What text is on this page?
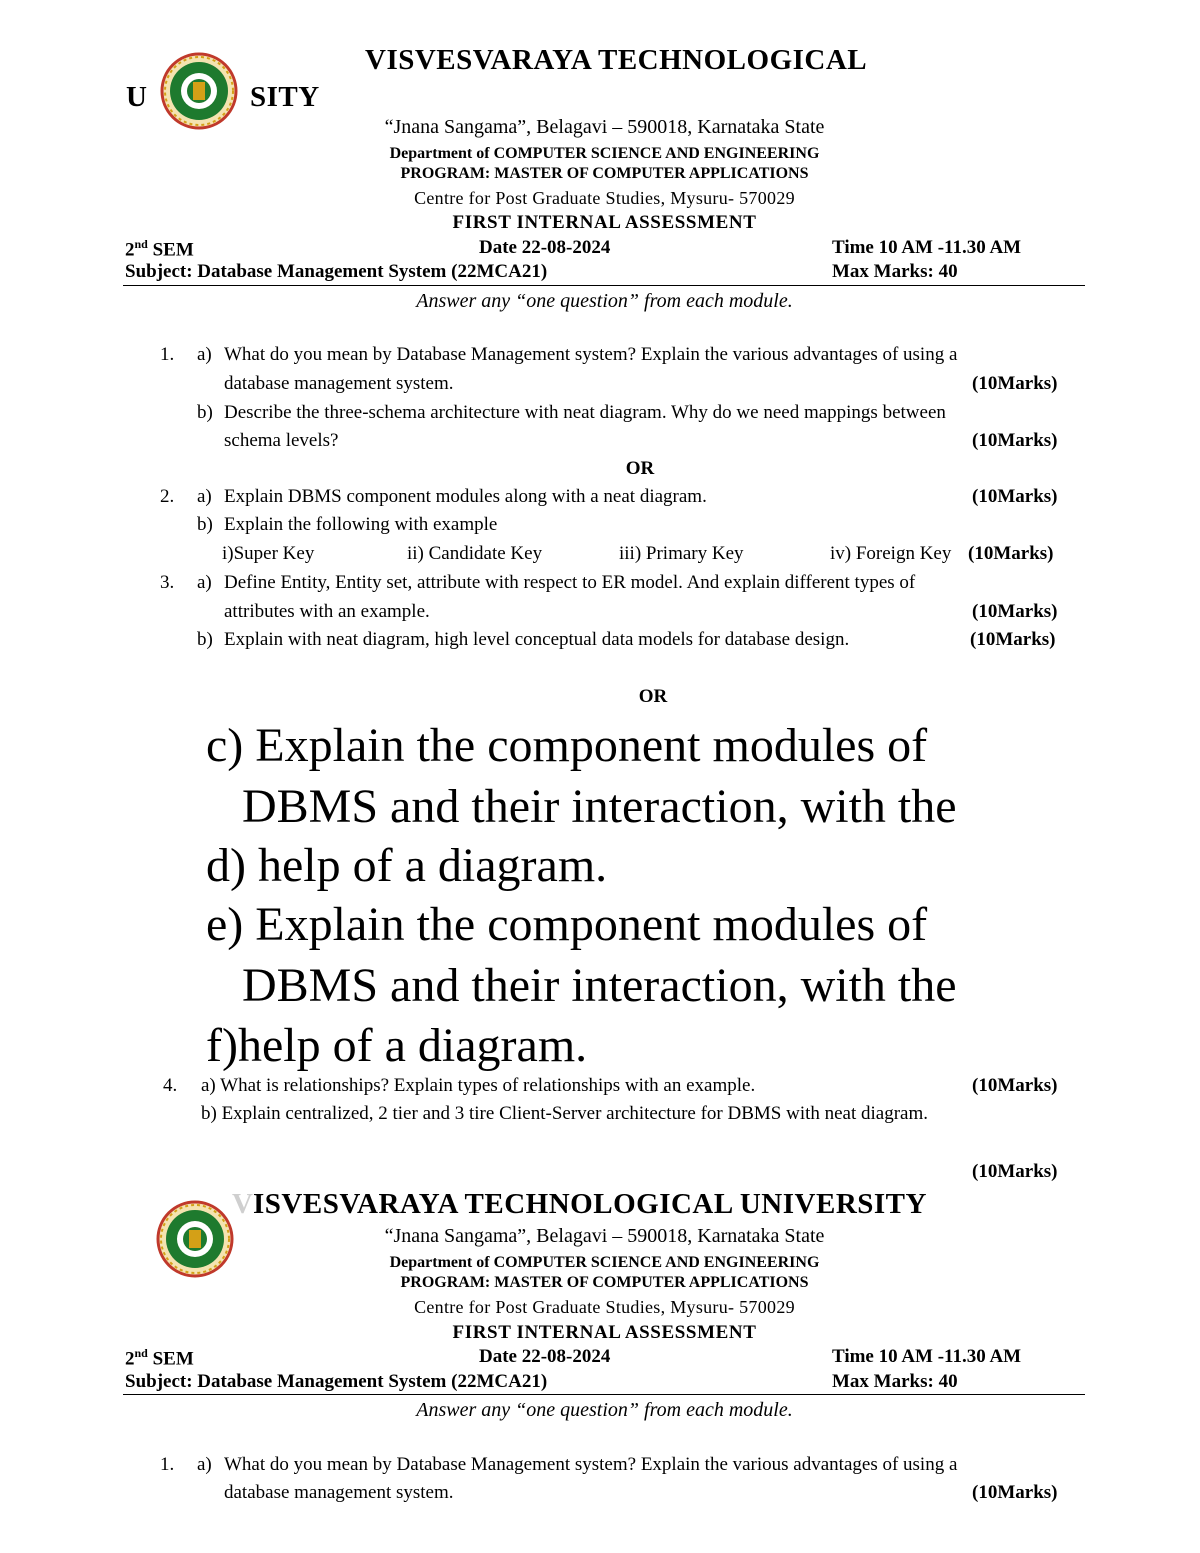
VISVESVARAYA TECHNOLOGICAL
U	SITY
“Jnana Sangama”, Belagavi – 590018, Karnataka State
Department of COMPUTER SCIENCE AND ENGINEERING
PROGRAM: MASTER OF COMPUTER APPLICATIONS
Centre for Post Graduate Studies, Mysuru- 570029
FIRST INTERNAL ASSESSMENT
2nd SEM	Date 22-08-2024	Time 10 AM -11.30 AM
Subject: Database Management System (22MCA21)	Max Marks: 40
Answer any “one question” from each module.
1. a) What do you mean by Database Management system? Explain the various advantages of using a
database management system.	(10Marks)
b) Describe the three-schema architecture with neat diagram. Why do we need mappings between
schema levels?	(10Marks)
OR
2. a) Explain DBMS component modules along with a neat diagram.	(10Marks)
b) Explain the following with example
i)Super Key	ii) Candidate Key	iii) Primary Key	iv) Foreign Key (10Marks)
3. a) Define Entity, Entity set, attribute with respect to ER model. And explain different types of
attributes with an example.	(10Marks)
b) Explain with neat diagram, high level conceptual data models for database design.	(10Marks)
OR
c) Explain the component modules of
DBMS and their interaction, with the
d) help of a diagram.
e) Explain the component modules of
DBMS and their interaction, with the
f)help of a diagram.
4. a) What is relationships? Explain types of relationships with an example.	(10Marks)
b) Explain centralized, 2 tier and 3 tire Client-Server architecture for DBMS with neat diagram.
(10Marks)
V ISVESVARAYA TECHNOLOGICAL UNIVERSITY
“Jnana Sangama”, Belagavi – 590018, Karnataka State
Department of COMPUTER SCIENCE AND ENGINEERING
PROGRAM: MASTER OF COMPUTER APPLICATIONS
Centre for Post Graduate Studies, Mysuru- 570029
FIRST INTERNAL ASSESSMENT
2nd SEM	Date 22-08-2024	Time 10 AM -11.30 AM
Subject: Database Management System (22MCA21)	Max Marks: 40
Answer any “one question” from each module.
1. a) What do you mean by Database Management system? Explain the various advantages of using a
database management system.	(10Marks)
